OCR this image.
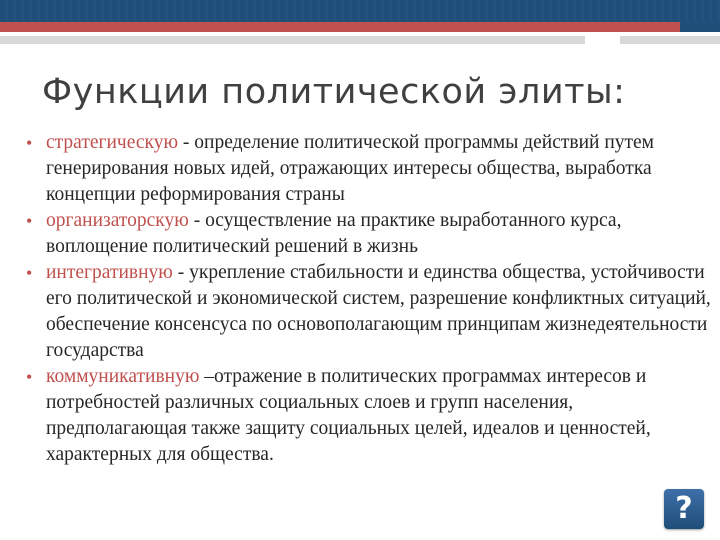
Функции политической элиты:
• стратегическую - определение политической программы действий путем генерирования новых идей, отражающих интересы общества, выработка концепции реформирования страны
• организаторскую - осуществление на практике выработанного курса, воплощение политический решений в жизнь
• интегративную - укрепление стабильности и единства общества, устойчивости его политической и экономической систем, разрешение конфликтных ситуаций, обеспечение консенсуса по основополагающим принципам жизнедеятельности государства
• коммуникативную –отражение в политических программах интересов и потребностей различных социальных слоев и групп населения, предполагающая также защиту социальных целей, идеалов и ценностей, характерных для общества.
?
